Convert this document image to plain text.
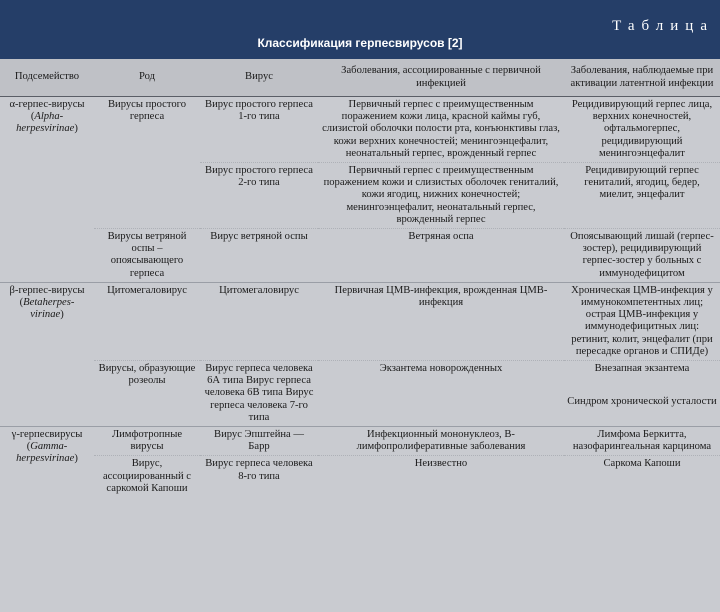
Таблица
Классификация герпесвирусов [2]
Подсемейство	Род	Вирус	Заболевания, ассоциированные с первичной инфекцией	Заболевания, наблюдаемые при активации латентной инфекции
α-герпес-вирусы (Alpha-herpesvirinae)	Вирусы простого герпеса	Вирус простого герпеса 1-го типа	Первичный герпес с преимущественным поражением кожи лица, красной каймы губ, слизистой оболочки полости рта, конъюнктивы глаз, кожи верхних конечностей; менингоэнцефалит, неонатальный герпес, врожденный герпес	Рецидивирующий герпес лица, верхних конечностей, офтальмогерпес, рецидивирующий менингоэнцефалит
		Вирус простого герпеса 2-го типа	Первичный герпес с преимущественным поражением кожи и слизистых оболочек гениталий, кожи ягодиц, нижних конечностей; менингоэнцефалит, неонатальный герпес, врожденный герпес	Рецидивирующий герпес гениталий, ягодиц, бедер, миелит, энцефалит
	Вирусы ветряной оспы – опоясывающего герпеса	Вирус ветряной оспы	Ветряная оспа	Опоясывающий лишай (герпес-зостер), рецидивирующий герпес-зостер у больных с иммунодефицитом
β-герпес-вирусы (Betaherpes-virinae)	Цитомегаловирус	Цитомегаловирус	Первичная ЦМВ-инфекция, врожденная ЦМВ-инфекция	Хроническая ЦМВ-инфекция у иммунокомпетентных лиц; острая ЦМВ-инфекция у иммунодефицитных лиц: ретинит, колит, энцефалит (при пересадке органов и СПИДе)
	Вирусы, образующие розеолы	Вирус герпеса человека 6А типа Вирус герпеса человека 6В типа Вирус герпеса человека 7-го типа	Экзантема новорожденных	Внезапная экзантема
				Синдром хронической усталости
γ-герпесвирусы (Gamma-herpesvirinae)	Лимфотропные вирусы	Вирус Эпштейна — Барр	Инфекционный мононуклеоз, В-лимфопролиферативные заболевания	Лимфома Беркитта, назофарингеальная карцинома
	Вирус, ассоциированный с саркомой Капоши	Вирус герпеса человека 8-го типа	Неизвестно	Саркома Капоши
